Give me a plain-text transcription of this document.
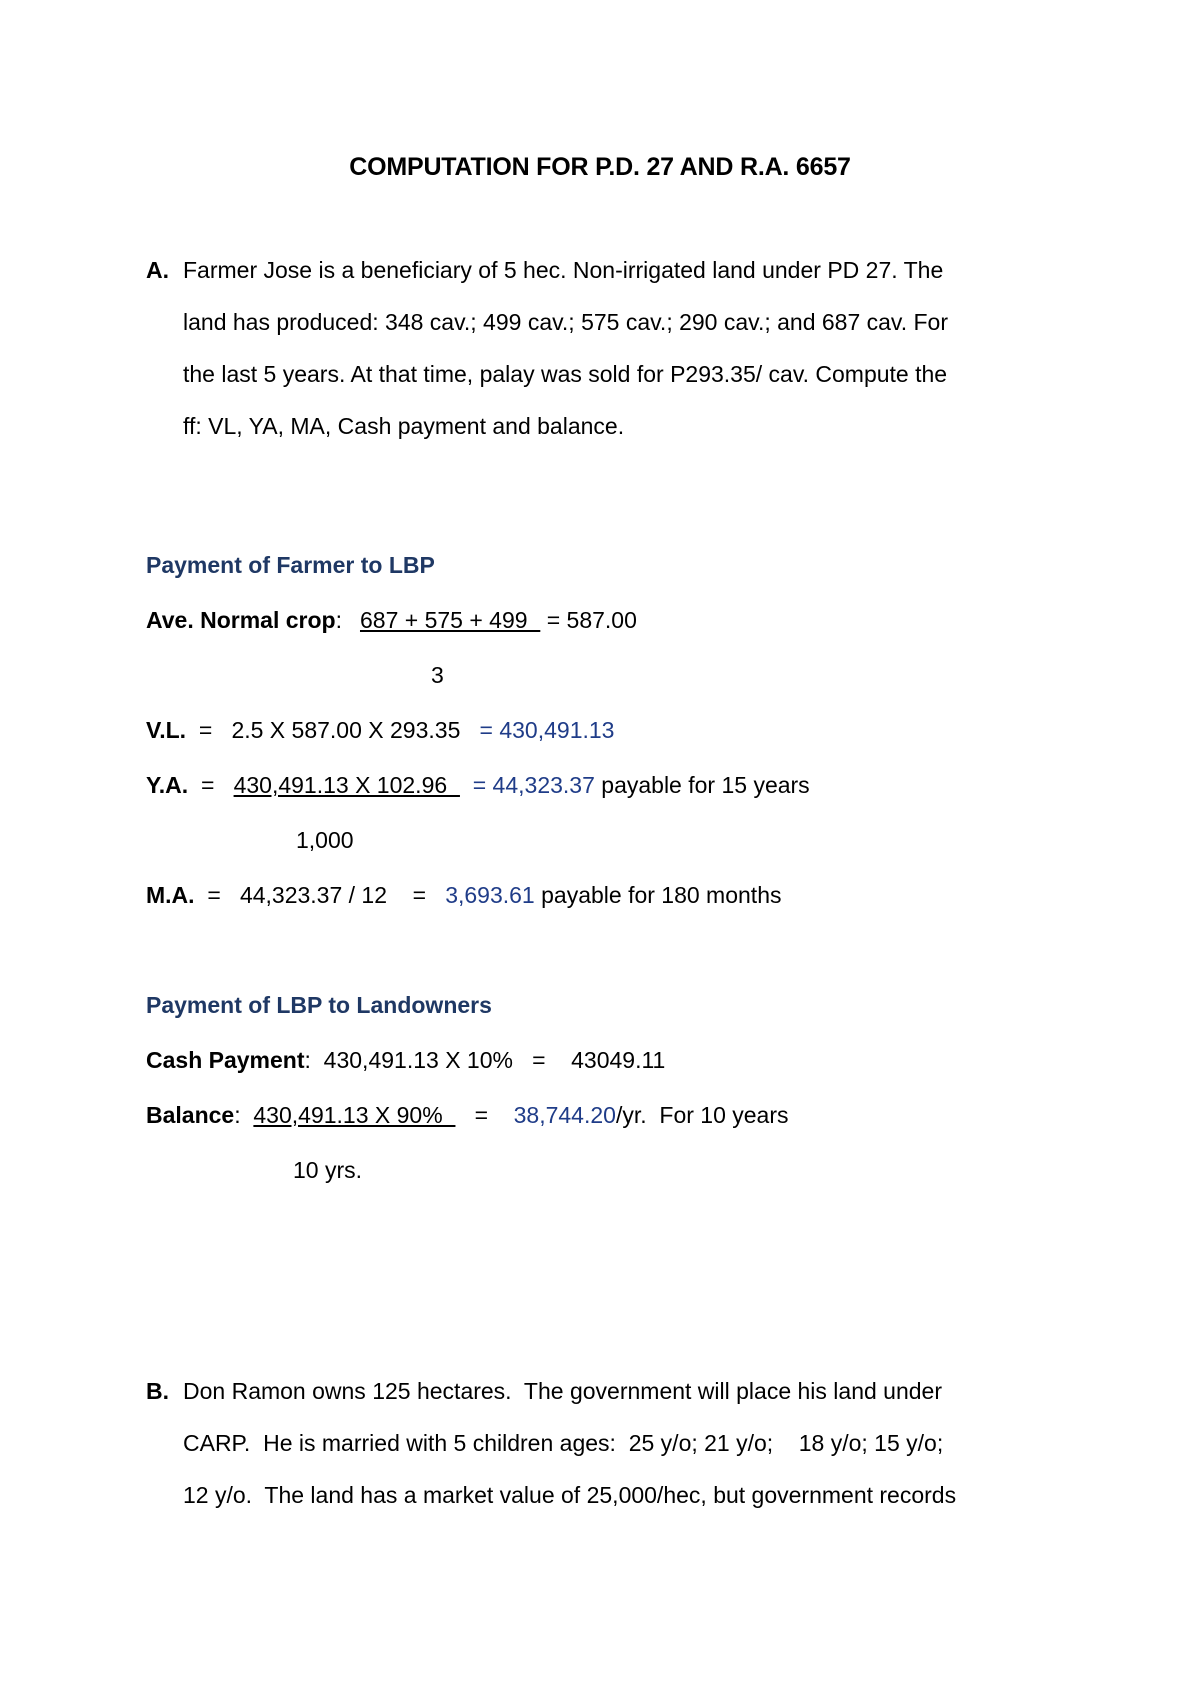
COMPUTATION FOR P.D. 27 AND R.A. 6657
A. Farmer Jose is a beneficiary of 5 hec. Non-irrigated land under PD 27. The
land has produced: 348 cav.; 499 cav.; 575 cav.; 290 cav.; and 687 cav. For
the last 5 years. At that time, palay was sold for P293.35/ cav. Compute the
ff: VL, YA, MA, Cash payment and balance.
Payment of Farmer to LBP
Ave. Normal crop: 687 + 575 + 499   = 587.00
3
V.L.  =   2.5 X 587.00 X 293.35   = 430,491.13
Y.A.  =   430,491.13 X 102.96    = 44,323.37 payable for 15 years
1,000
M.A.  =   44,323.37 / 12    =   3,693.61 payable for 180 months
Payment of LBP to Landowners
Cash Payment:  430,491.13 X 10%   =    43049.11
Balance:  430,491.13 X 90%     =    38,744.20/yr.  For 10 years
10 yrs.
B. Don Ramon owns 125 hectares.  The government will place his land under
CARP.  He is married with 5 children ages:  25 y/o; 21 y/o;    18 y/o; 15 y/o;
12 y/o.  The land has a market value of 25,000/hec, but government records
